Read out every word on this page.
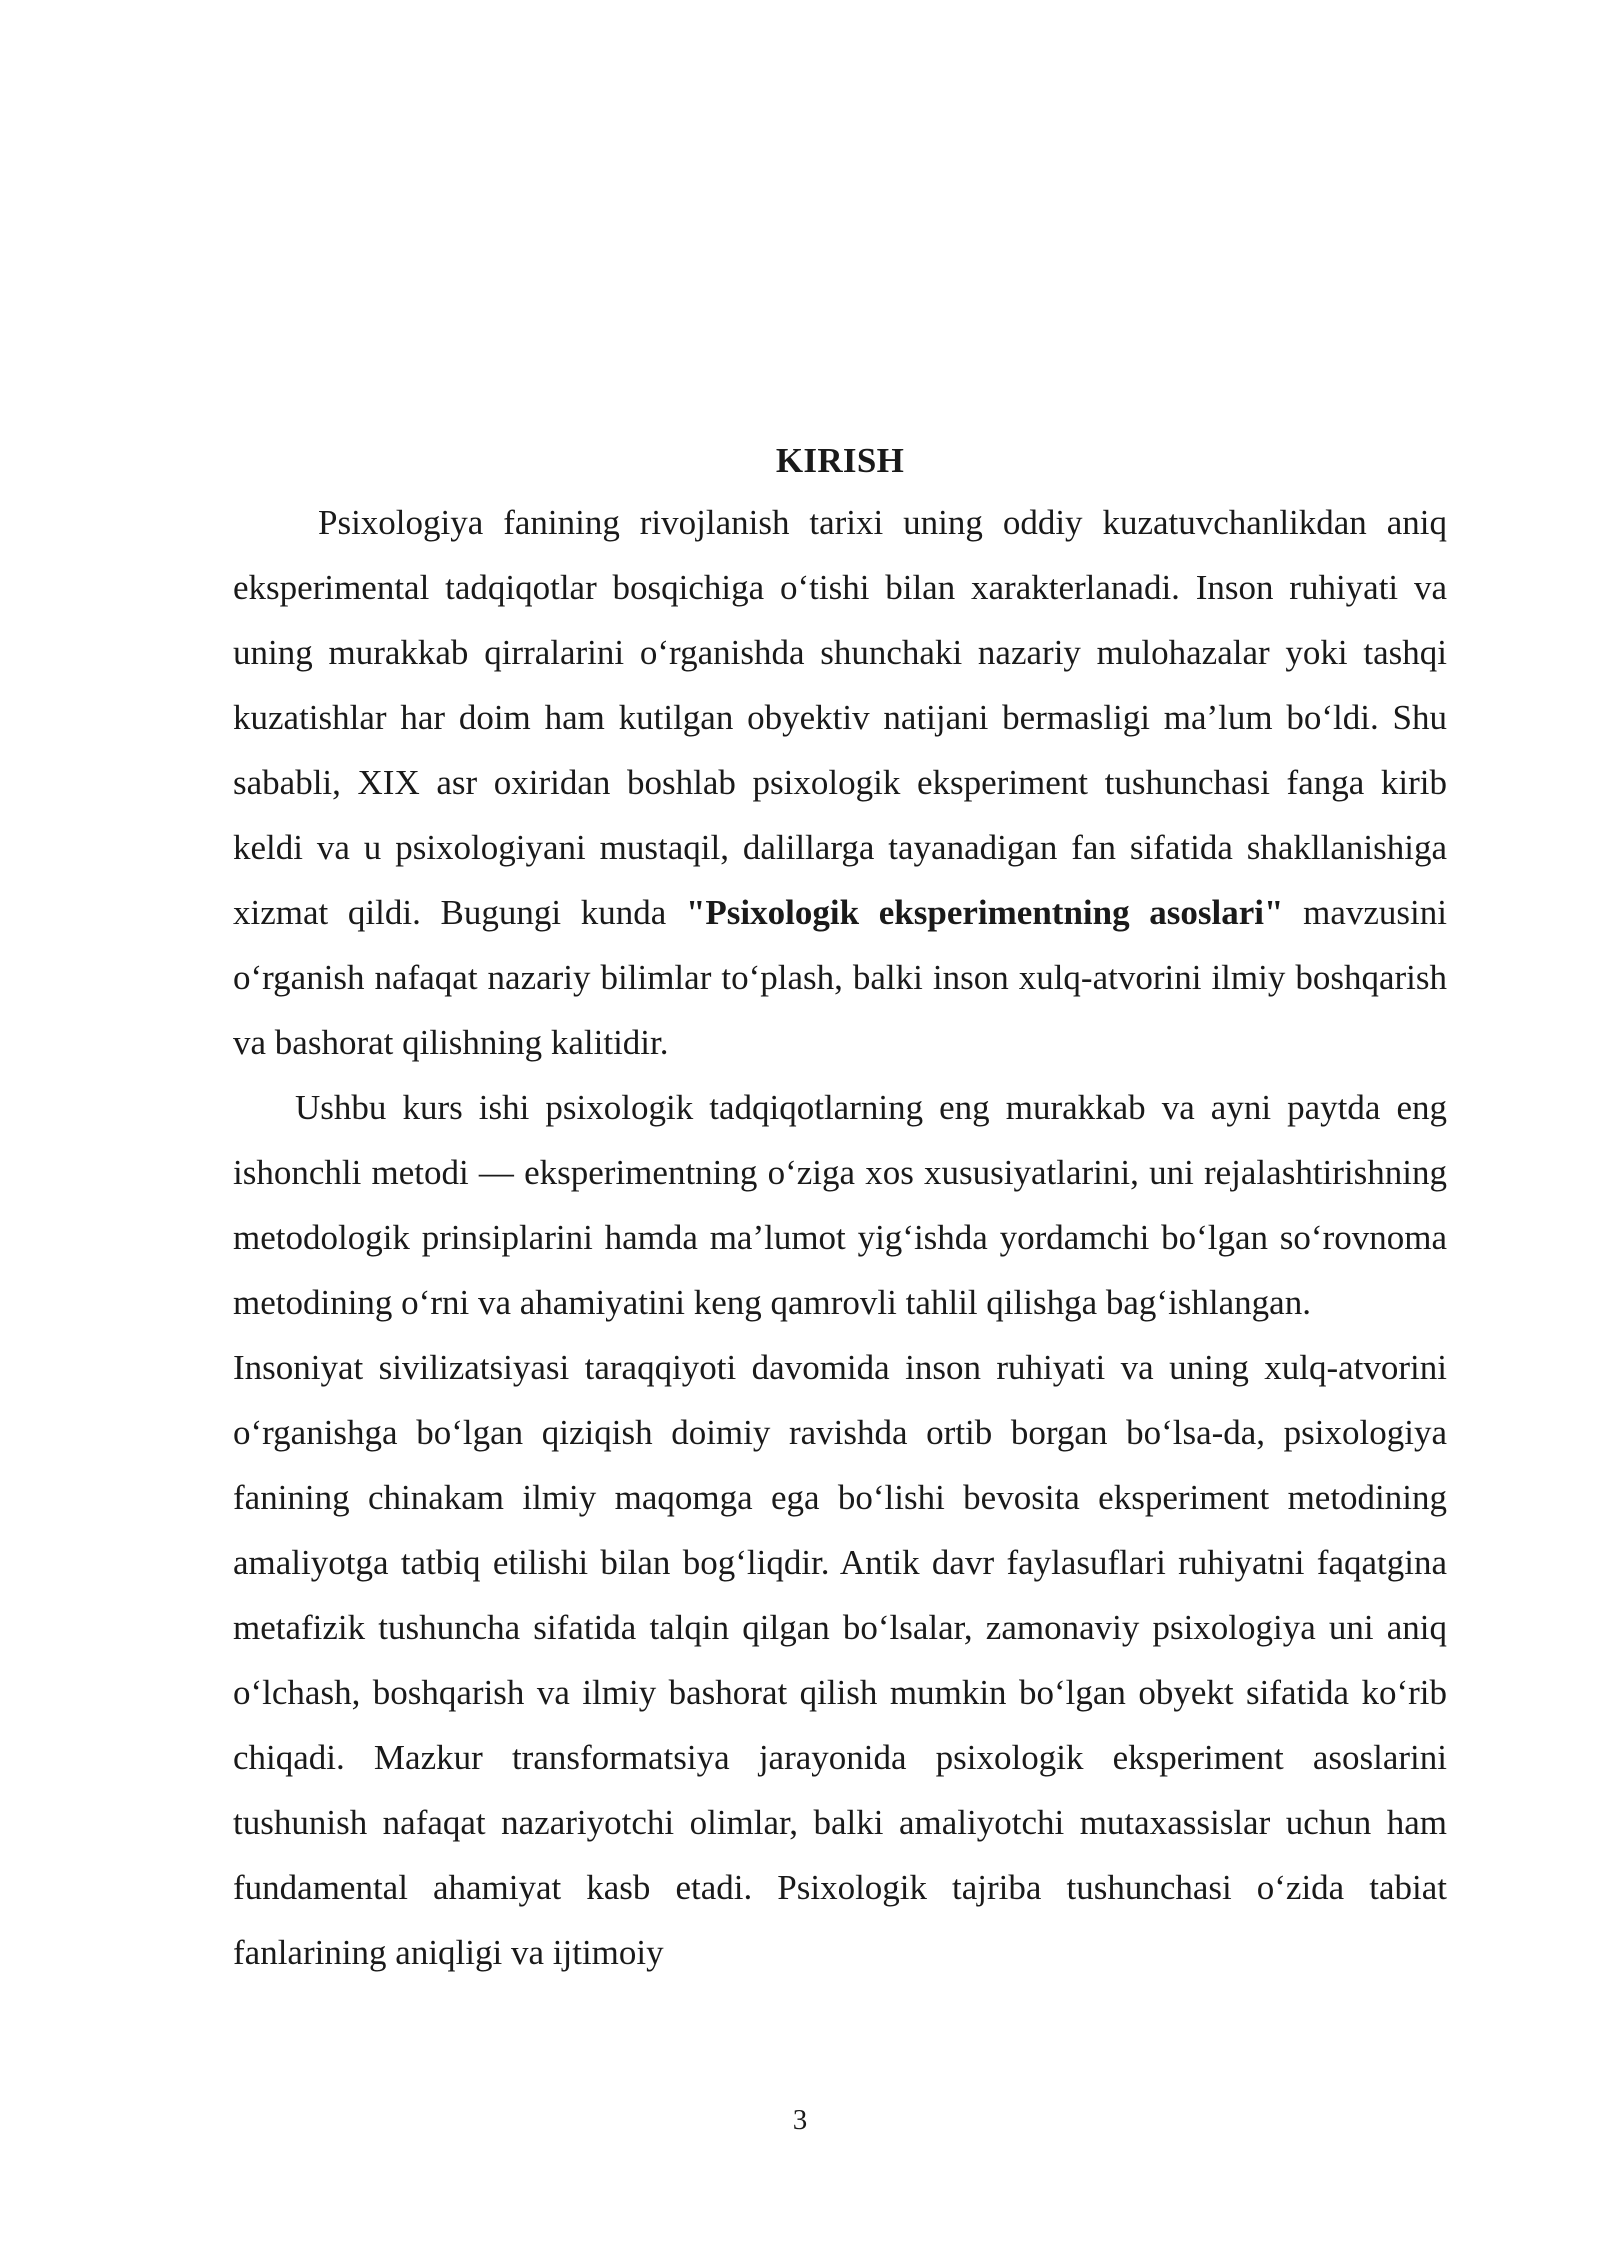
KIRISH

Psixologiya fanining rivojlanish tarixi uning oddiy kuzatuvchanlikdan aniq eksperimental tadqiqotlar bosqichiga o‘tishi bilan xarakterlanadi. Inson ruhiyati va uning murakkab qirralarini o‘rganishda shunchaki nazariy mulohazalar yoki tashqi kuzatishlar har doim ham kutilgan obyektiv natijani bermasligi ma’lum bo‘ldi. Shu sababli, XIX asr oxiridan boshlab psixologik eksperiment tushunchasi fanga kirib keldi va u psixologiyani mustaqil, dalillarga tayanadigan fan sifatida shakllanishiga xizmat qildi. Bugungi kunda "Psixologik eksperimentning asoslari" mavzusini o‘rganish nafaqat nazariy bilimlar to‘plash, balki inson xulq-atvorini ilmiy boshqarish va bashorat qilishning kalitidir.

Ushbu kurs ishi psixologik tadqiqotlarning eng murakkab va ayni paytda eng ishonchli metodi — eksperimentning o‘ziga xos xususiyatlarini, uni rejalashtirishning metodologik prinsiplarini hamda ma’lumot yig‘ishda yordamchi bo‘lgan so‘rovnoma metodining o‘rni va ahamiyatini keng qamrovli tahlil qilishga bag‘ishlangan.

Insoniyat sivilizatsiyasi taraqqiyoti davomida inson ruhiyati va uning xulq-atvorini o‘rganishga bo‘lgan qiziqish doimiy ravishda ortib borgan bo‘lsa-da, psixologiya fanining chinakam ilmiy maqomga ega bo‘lishi bevosita eksperiment metodining amaliyotga tatbiq etilishi bilan bog‘liqdir. Antik davr faylasuflari ruhiyatni faqatgina metafizik tushuncha sifatida talqin qilgan bo‘lsalar, zamonaviy psixologiya uni aniq o‘lchash, boshqarish va ilmiy bashorat qilish mumkin bo‘lgan obyekt sifatida ko‘rib chiqadi. Mazkur transformatsiya jarayonida psixologik eksperiment asoslarini tushunish nafaqat nazariyotchi olimlar, balki amaliyotchi mutaxassislar uchun ham fundamental ahamiyat kasb etadi. Psixologik tajriba tushunchasi o‘zida tabiat fanlarining aniqligi va ijtimoiy

3
